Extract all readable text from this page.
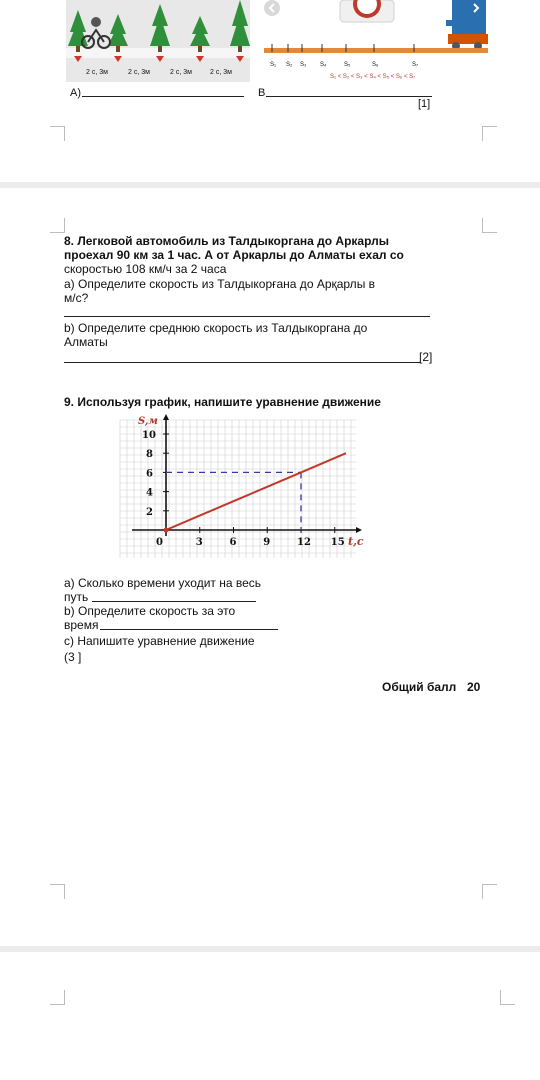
2 с, 3м	2 с, 3м	2 с, 3м	2 с, 3м
S₁ S₂ S₃ S₄	S₅	S₆	S₇
S₁ < S₂ < S₃ < S₄ < S₅ < S₆ < S₇
A)	B
[1]
8. Легковой автомобиль из Талдыкоргана до Аркарлы
проехал 90 км за 1 час. А от Аркарлы до Алматы ехал со
скоростью 108 км/ч за 2 часа
а) Определите скорость из Талдыкорғана до Арқарлы в
м/с?
b) Определите среднюю скорость из Талдыкоргана до
Алматы
[2]
9. Используя график, напишите уравнение движение
0	3	6	9	12 15
2
4
6
8
10
S,м
t,c
а) Сколько времени уходит на весь
путь
b) Определите скорость за это
время
с) Напишите уравнение движение
(3 ]
Общий балл 20
